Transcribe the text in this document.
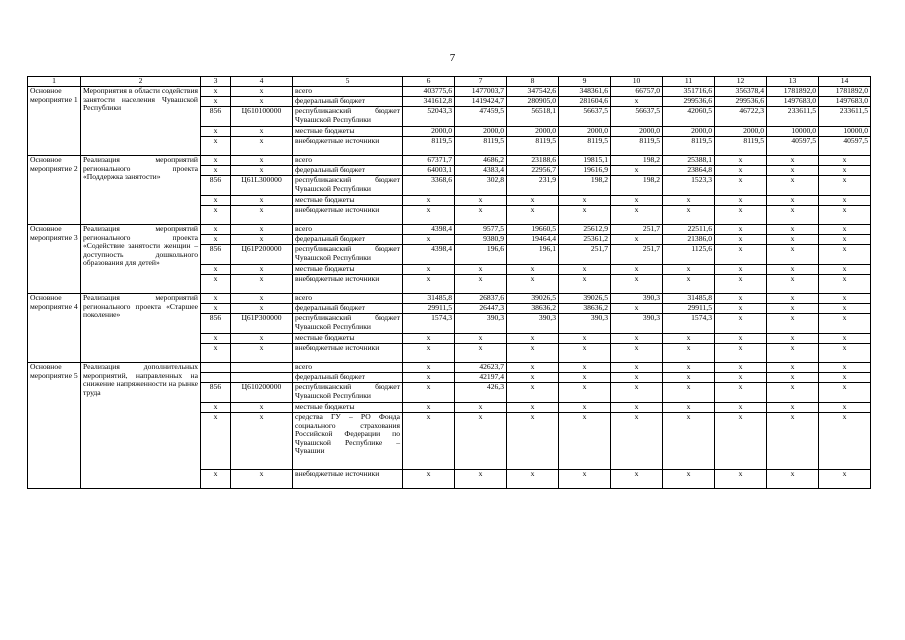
7
1	2	3	4	5	6	7	8	9	10	11	12	13	14
Основное мероприятие 1	Мероприятия в области содействия занятости населения Чувашской Республики	х	х	всего	403775,6	1477003,7	347542,6	348361,6	66757,0	351716,6	356378,4	1781892,0	1781892,0
		х	х	федеральный бюджет	341612,8	1419424,7	280905,0	281604,6	х	299536,6	299536,6	1497683,0	1497683,0
		856	Ц610100000	республиканский бюджет Чувашской Республики	52043,3	47459,5	56518,1	56637,5	56637,5	42060,5	46722,3	233611,5	233611,5
		х	х	местные бюджеты	2000,0	2000,0	2000,0	2000,0	2000,0	2000,0	2000,0	10000,0	10000,0
		х	х	внебюджетные источники	8119,5	8119,5	8119,5	8119,5	8119,5	8119,5	8119,5	40597,5	40597,5
Основное мероприятие 2	Реализация мероприятий регионального проекта «Поддержка занятости»	х	х	всего	67371,7	4686,2	23188,6	19815,1	198,2	25388,1	х	х	х
		х	х	федеральный бюджет	64003,1	4383,4	22956,7	19616,9	х	23864,8	х	х	х
		856	Ц61L300000	республиканский бюджет Чувашской Республики	3368,6	302,8	231,9	198,2	198,2	1523,3	х	х	х
		х	х	местные бюджеты	х	х	х	х	х	х	х	х	х
		х	х	внебюджетные источники	х	х	х	х	х	х	х	х	х
Основное мероприятие 3	Реализация мероприятий регионального проекта «Содействие занятости женщин – доступность дошкольного образования для детей»	х	х	всего	4398,4	9577,5	19660,5	25612,9	251,7	22511,6	х	х	х
		х	х	федеральный бюджет	х	9380,9	19464,4	25361,2	х	21386,0	х	х	х
		856	Ц61P200000	республиканский бюджет Чувашской Республики	4398,4	196,6	196,1	251,7	251,7	1125,6	х	х	х
		х	х	местные бюджеты	х	х	х	х	х	х	х	х	х
		х	х	внебюджетные источники	х	х	х	х	х	х	х	х	х
Основное мероприятие 4	Реализация мероприятий регионального проекта «Старшее поколение»	х	х	всего	31485,8	26837,6	39026,5	39026,5	390,3	31485,8	х	х	х
		х	х	федеральный бюджет	29911,5	26447,3	38636,2	38636,2	х	29911,5	х	х	х
		856	Ц61P300000	республиканский бюджет Чувашской Республики	1574,3	390,3	390,3	390,3	390,3	1574,3	х	х	х
		х	х	местные бюджеты	х	х	х	х	х	х	х	х	х
		х	х	внебюджетные источники	х	х	х	х	х	х	х	х	х
Основное мероприятие 5	Реализация дополнительных мероприятий, направленных на снижение напряженности на рынке труда			всего	х	42623,7	х	х	х	х	х	х	х
				федеральный бюджет	х	42197,4	х	х	х	х	х	х	х
		856	Ц610200000	республиканский бюджет Чувашской Республики	х	426,3	х	х	х	х	х	х	х
		х	х	местные бюджеты	х	х	х	х	х	х	х	х	х
		х	х	средства ГУ – РО Фонда социального страхования Российской Федерации по Чувашской Республике – Чувашии	х	х	х	х	х	х	х	х	х
		х	х	внебюджетные источники	х	х	х	х	х	х	х	х	х
